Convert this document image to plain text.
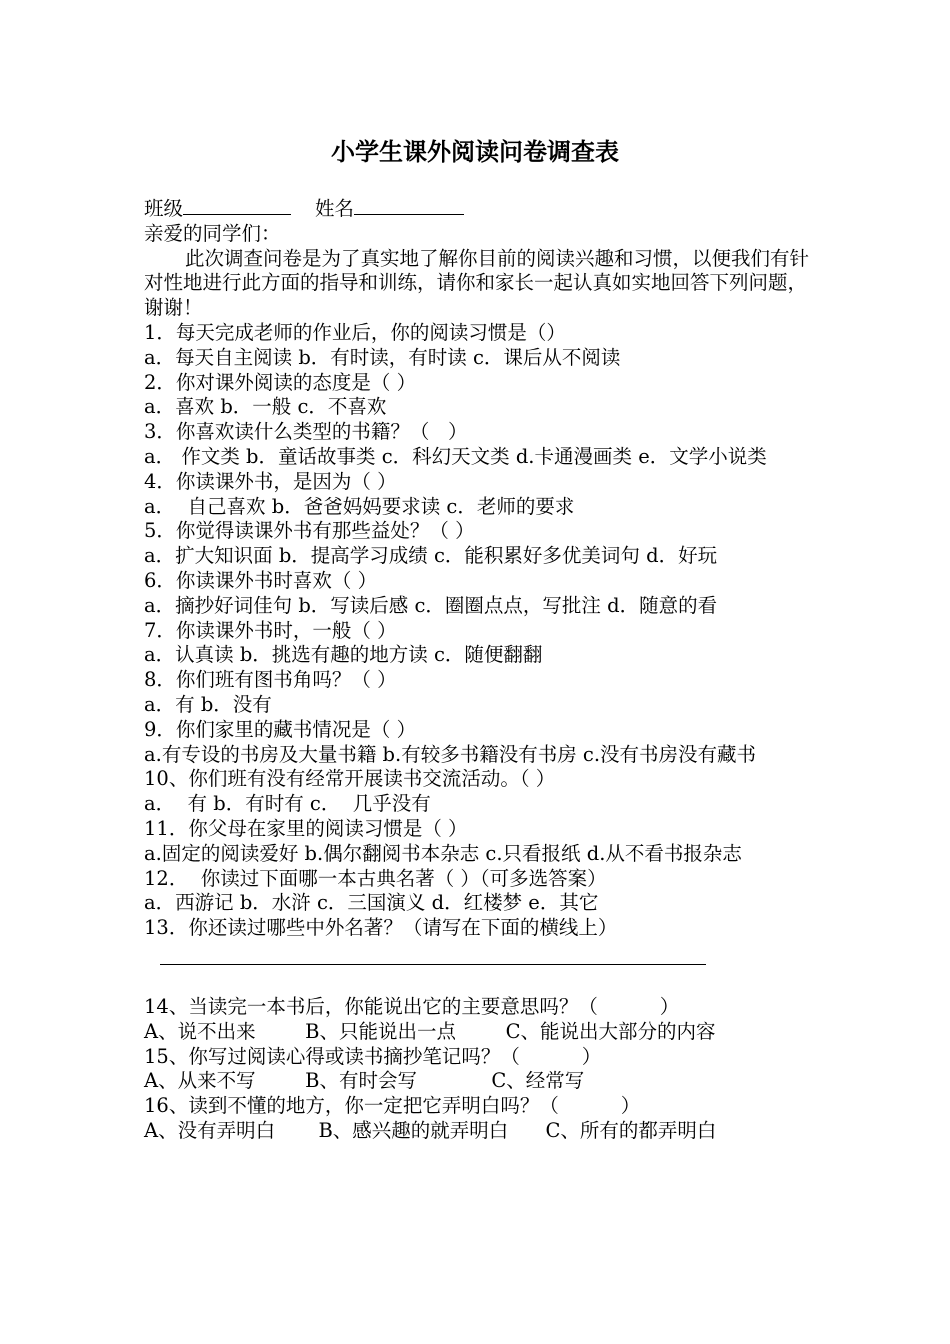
小学生课外阅读问卷调查表

班级	姓名

亲爱的同学们：

此次调查问卷是为了真实地了解你目前的阅读兴趣和习惯，以便我们有针对性地进行此方面的指导和训练，请你和家长一起认真如实地回答下列问题，谢谢！

1．每天完成老师的作业后，你的阅读习惯是（）

a．每天自主阅读 b．有时读，有时读 c．课后从不阅读

2．你对课外阅读的态度是（ ）

a．喜欢 b．一般 c．不喜欢

3．你喜欢读什么类型的书籍？（   ）

a． 作文类 b．童话故事类 c．科幻天文类 d.卡通漫画类 e．文学小说类

4．你读课外书，是因为（ ）

a．  自己喜欢 b．爸爸妈妈要求读 c．老师的要求

5．你觉得读课外书有那些益处？（ ）

a．扩大知识面 b．提高学习成绩 c．能积累好多优美词句 d．好玩

6．你读课外书时喜欢（ ）

a．摘抄好词佳句 b．写读后感 c．圈圈点点，写批注 d．随意的看

7．你读课外书时，一般（ ）

a．认真读 b．挑选有趣的地方读 c．随便翻翻

8．你们班有图书角吗？（ ）

a．有 b．没有

9．你们家里的藏书情况是（ ）

a.有专设的书房及大量书籍 b.有较多书籍没有书房 c.没有书房没有藏书

10、你们班有没有经常开展读书交流活动。（ ）

a．  有 b．有时有 c．  几乎没有

11．你父母在家里的阅读习惯是（ ）

a.固定的阅读爱好 b.偶尔翻阅书本杂志 c.只看报纸 d.从不看书报杂志

12．  你读过下面哪一本古典名著（ ）（可多选答案）

a．西游记 b．水浒 c．三国演义 d．红楼梦 e．其它

13．你还读过哪些中外名著？（请写在下面的横线上）

14、当读完一本书后，你能说出它的主要意思吗？（          ）

A、说不出来        B、只能说出一点        C、能说出大部分的内容

15、你写过阅读心得或读书摘抄笔记吗？（          ）

A、从来不写        B、有时会写            C、经常写

16、读到不懂的地方，你一定把它弄明白吗？（          ）

A、没有弄明白       B、感兴趣的就弄明白      C、所有的都弄明白
